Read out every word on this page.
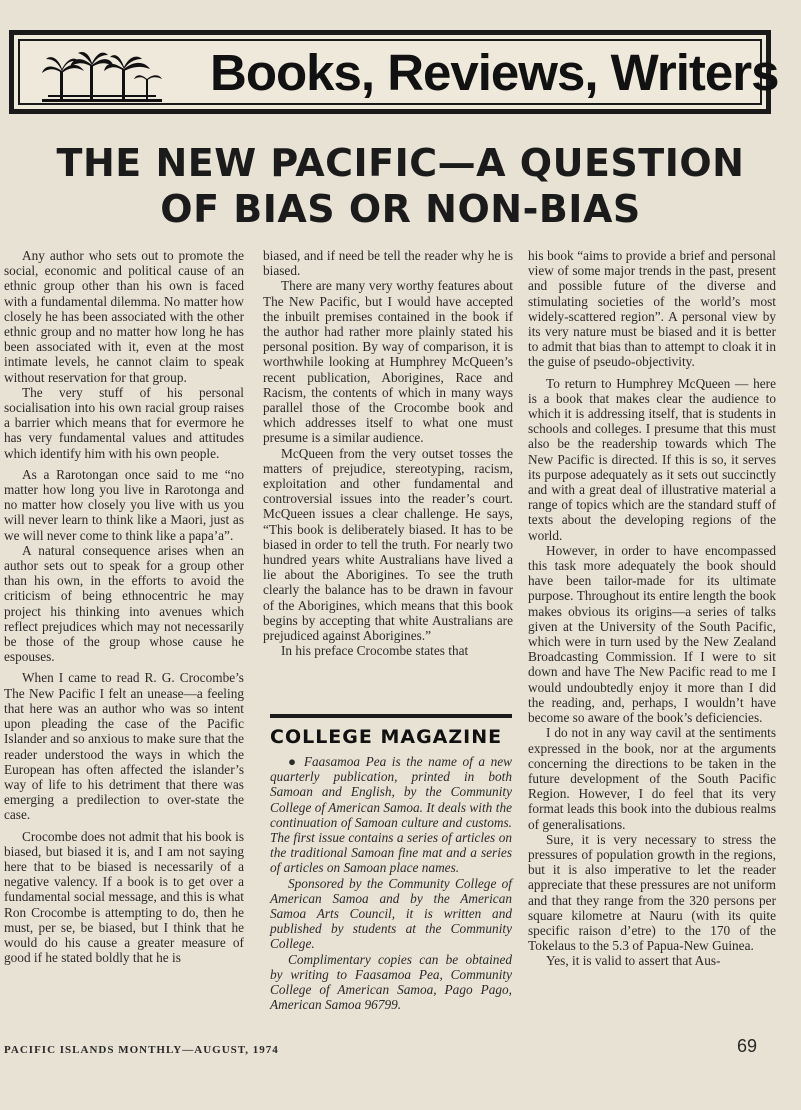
Books, Reviews, Writers
THE NEW PACIFIC—A QUESTION
OF BIAS OR NON-BIAS

Any author who sets out to promote the social, economic and political cause of an ethnic group other than his own is faced with a fundamental dilemma. No matter how closely he has been associated with the other ethnic group and no matter how long he has been associated with it, even at the most intimate levels, he cannot claim to speak without reservation for that group.

The very stuff of his personal socialisation into his own racial group raises a barrier which means that for evermore he has very fundamental values and attitudes which identify him with his own people.

As a Rarotongan once said to me “no matter how long you live in Rarotonga and no matter how closely you live with us you will never learn to think like a Maori, just as we will never come to think like a papa’a”.

A natural consequence arises when an author sets out to speak for a group other than his own, in the efforts to avoid the criticism of being ethnocentric he may project his thinking into avenues which reflect prejudices which may not necessarily be those of the group whose cause he espouses.

When I came to read R. G. Crocombe’s The New Pacific I felt an unease—a feeling that here was an author who was so intent upon pleading the case of the Pacific Islander and so anxious to make sure that the reader understood the ways in which the European has often affected the islander’s way of life to his detriment that there was emerging a predilection to over-state the case.

Crocombe does not admit that his book is biased, but biased it is, and I am not saying here that to be biased is necessarily of a negative valency. If a book is to get over a fundamental social message, and this is what Ron Crocombe is attempting to do, then he must, per se, be biased, but I think that he would do his cause a greater measure of good if he stated boldly that he is

biased, and if need be tell the reader why he is biased.

There are many very worthy features about The New Pacific, but I would have accepted the inbuilt premises contained in the book if the author had rather more plainly stated his personal position. By way of comparison, it is worthwhile looking at Humphrey McQueen’s recent publication, Aborigines, Race and Racism, the contents of which in many ways parallel those of the Crocombe book and which addresses itself to what one must presume is a similar audience.

McQueen from the very outset tosses the matters of prejudice, stereotyping, racism, exploitation and other fundamental and controversial issues into the reader’s court. McQueen issues a clear challenge. He says, “This book is deliberately biased. It has to be biased in order to tell the truth. For nearly two hundred years white Australians have lived a lie about the Aborigines. To see the truth clearly the balance has to be drawn in favour of the Aborigines, which means that this book begins by accepting that white Australians are prejudiced against Aborigines.”

In his preface Crocombe states that

COLLEGE MAGAZINE

● Faasamoa Pea is the name of a new quarterly publication, printed in both Samoan and English, by the Community College of American Samoa. It deals with the continuation of Samoan culture and customs. The first issue contains a series of articles on the traditional Samoan fine mat and a series of articles on Samoan place names.

Sponsored by the Community College of American Samoa and by the American Samoa Arts Council, it is written and published by students at the Community College.

Complimentary copies can be obtained by writing to Faasamoa Pea, Community College of American Samoa, Pago Pago, American Samoa 96799.

his book “aims to provide a brief and personal view of some major trends in the past, present and possible future of the diverse and stimulating societies of the world’s most widely-scattered region”. A personal view by its very nature must be biased and it is better to admit that bias than to attempt to cloak it in the guise of pseudo-objectivity.

To return to Humphrey McQueen — here is a book that makes clear the audience to which it is addressing itself, that is students in schools and colleges. I presume that this must also be the readership towards which The New Pacific is directed. If this is so, it serves its purpose adequately as it sets out succinctly and with a great deal of illustrative material a range of topics which are the standard stuff of texts about the developing regions of the world.

However, in order to have encompassed this task more adequately the book should have been tailor-made for its ultimate purpose. Throughout its entire length the book makes obvious its origins—a series of talks given at the University of the South Pacific, which were in turn used by the New Zealand Broadcasting Commission. If I were to sit down and have The New Pacific read to me I would undoubtedly enjoy it more than I did the reading, and, perhaps, I wouldn’t have become so aware of the book’s deficiencies.

I do not in any way cavil at the sentiments expressed in the book, nor at the arguments concerning the directions to be taken in the future development of the South Pacific Region. However, I do feel that its very format leads this book into the dubious realms of generalisations.

Sure, it is very necessary to stress the pressures of population growth in the regions, but it is also imperative to let the reader appreciate that these pressures are not uniform and that they range from the 320 persons per square kilometre at Nauru (with its quite specific raison d’etre) to the 170 of the Tokelaus to the 5.3 of Papua-New Guinea.

Yes, it is valid to assert that Aus-

PACIFIC ISLANDS MONTHLY—AUGUST, 1974	69
